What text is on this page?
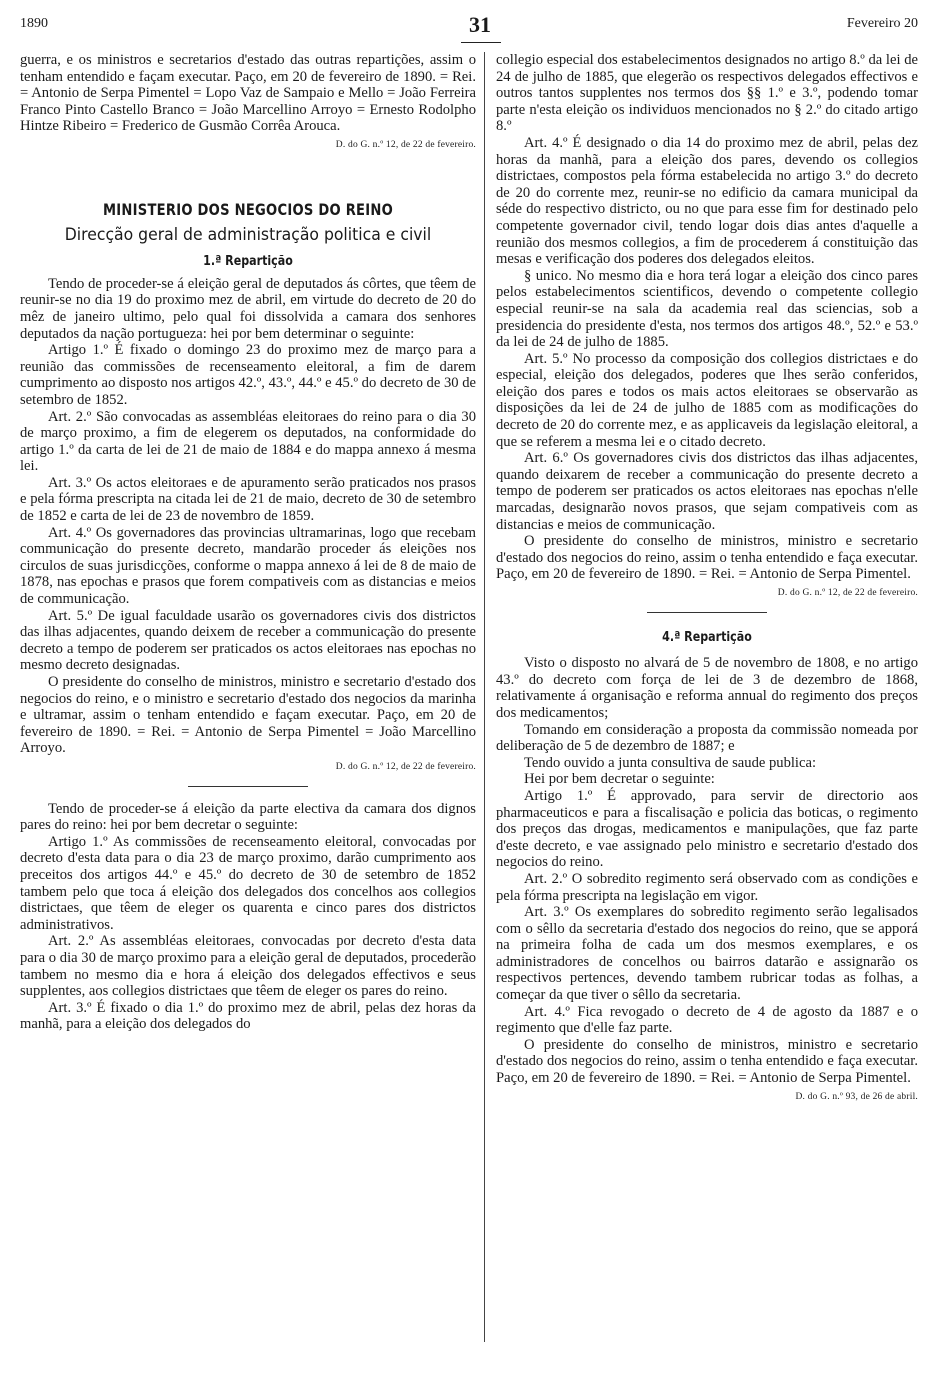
1890	31	Fevereiro 20

guerra, e os ministros e secretarios d'estado das outras repartições, assim o tenham entendido e façam executar. Paço, em 20 de fevereiro de 1890. = Rei. = Antonio de Serpa Pimentel = Lopo Vaz de Sampaio e Mello = João Ferreira Franco Pinto Castello Branco = João Marcellino Arroyo = Ernesto Rodolpho Hintze Ribeiro = Frederico de Gusmão Corrêa Arouca.

D. do G. n.º 12, de 22 de fevereiro.

MINISTERIO DOS NEGOCIOS DO REINO

Direcção geral de administração politica e civil

1.ª Repartição

Tendo de proceder-se á eleição geral de deputados ás côrtes, que têem de reunir-se no dia 19 do proximo mez de abril, em virtude do decreto de 20 do mêz de janeiro ultimo, pelo qual foi dissolvida a camara dos senhores deputados da nação portugueza: hei por bem determinar o seguinte:

Artigo 1.º É fixado o domingo 23 do proximo mez de março para a reunião das commissões de recenseamento eleitoral, a fim de darem cumprimento ao disposto nos artigos 42.º, 43.º, 44.º e 45.º do decreto de 30 de setembro de 1852.

Art. 2.º São convocadas as assembléas eleitoraes do reino para o dia 30 de março proximo, a fim de elegerem os deputados, na conformidade do artigo 1.º da carta de lei de 21 de maio de 1884 e do mappa annexo á mesma lei.

Art. 3.º Os actos eleitoraes e de apuramento serão praticados nos prasos e pela fórma prescripta na citada lei de 21 de maio, decreto de 30 de setembro de 1852 e carta de lei de 23 de novembro de 1859.

Art. 4.º Os governadores das provincias ultramarinas, logo que recebam communicação do presente decreto, mandarão proceder ás eleições nos circulos de suas jurisdicções, conforme o mappa annexo á lei de 8 de maio de 1878, nas epochas e prasos que forem compativeis com as distancias e meios de communicação.

Art. 5.º De igual faculdade usarão os governadores civis dos districtos das ilhas adjacentes, quando deixem de receber a communicação do presente decreto a tempo de poderem ser praticados os actos eleitoraes nas epochas no mesmo decreto designadas.

O presidente do conselho de ministros, ministro e secretario d'estado dos negocios do reino, e o ministro e secretario d'estado dos negocios da marinha e ultramar, assim o tenham entendido e façam executar. Paço, em 20 de fevereiro de 1890. = Rei. = Antonio de Serpa Pimentel = João Marcellino Arroyo.

D. do G. n.º 12, de 22 de fevereiro.

Tendo de proceder-se á eleição da parte electiva da camara dos dignos pares do reino: hei por bem decretar o seguinte:

Artigo 1.º As commissões de recenseamento eleitoral, convocadas por decreto d'esta data para o dia 23 de março proximo, darão cumprimento aos preceitos dos artigos 44.º e 45.º do decreto de 30 de setembro de 1852 tambem pelo que toca á eleição dos delegados dos concelhos aos collegios districtaes, que têem de eleger os quarenta e cinco pares dos districtos administrativos.

Art. 2.º As assembléas eleitoraes, convocadas por decreto d'esta data para o dia 30 de março proximo para a eleição geral de deputados, procederão tambem no mesmo dia e hora á eleição dos delegados effectivos e seus supplentes, aos collegios districtaes que têem de eleger os pares do reino.

Art. 3.º É fixado o dia 1.º do proximo mez de abril, pelas dez horas da manhã, para a eleição dos delegados do

collegio especial dos estabelecimentos designados no artigo 8.º da lei de 24 de julho de 1885, que elegerão os respectivos delegados effectivos e outros tantos supplentes nos termos dos §§ 1.º e 3.º, podendo tomar parte n'esta eleição os individuos mencionados no § 2.º do citado artigo 8.º

Art. 4.º É designado o dia 14 do proximo mez de abril, pelas dez horas da manhã, para a eleição dos pares, devendo os collegios districtaes, compostos pela fórma estabelecida no artigo 3.º do decreto de 20 do corrente mez, reunir-se no edificio da camara municipal da séde do respectivo districto, ou no que para esse fim for destinado pelo competente governador civil, tendo logar dois dias antes d'aquelle a reunião dos mesmos collegios, a fim de procederem á constituição das mesas e verificação dos poderes dos delegados eleitos.

§ unico. No mesmo dia e hora terá logar a eleição dos cinco pares pelos estabelecimentos scientificos, devendo o competente collegio especial reunir-se na sala da academia real das sciencias, sob a presidencia do presidente d'esta, nos termos dos artigos 48.º, 52.º e 53.º da lei de 24 de julho de 1885.

Art. 5.º No processo da composição dos collegios districtaes e do especial, eleição dos delegados, poderes que lhes serão conferidos, eleição dos pares e todos os mais actos eleitoraes se observarão as disposições da lei de 24 de julho de 1885 com as modificações do decreto de 20 do corrente mez, e as applicaveis da legislação eleitoral, a que se referem a mesma lei e o citado decreto.

Art. 6.º Os governadores civis dos districtos das ilhas adjacentes, quando deixarem de receber a communicação do presente decreto a tempo de poderem ser praticados os actos eleitoraes nas epochas n'elle marcadas, designarão novos prasos, que sejam compativeis com as distancias e meios de communicação.

O presidente do conselho de ministros, ministro e secretario d'estado dos negocios do reino, assim o tenha entendido e faça executar. Paço, em 20 de fevereiro de 1890. = Rei. = Antonio de Serpa Pimentel.

D. do G. n.º 12, de 22 de fevereiro.

4.ª Repartição

Visto o disposto no alvará de 5 de novembro de 1808, e no artigo 43.º do decreto com força de lei de 3 de dezembro de 1868, relativamente á organisação e reforma annual do regimento dos preços dos medicamentos;

Tomando em consideração a proposta da commissão nomeada por deliberação de 5 de dezembro de 1887; e

Tendo ouvido a junta consultiva de saude publica:

Hei por bem decretar o seguinte:

Artigo 1.º É approvado, para servir de directorio aos pharmaceuticos e para a fiscalisação e policia das boticas, o regimento dos preços das drogas, medicamentos e manipulações, que faz parte d'este decreto, e vae assignado pelo ministro e secretario d'estado dos negocios do reino.

Art. 2.º O sobredito regimento será observado com as condições e pela fórma prescripta na legislação em vigor.

Art. 3.º Os exemplares do sobredito regimento serão legalisados com o sêllo da secretaria d'estado dos negocios do reino, que se apporá na primeira folha de cada um dos mesmos exemplares, e os administradores de concelhos ou bairros datarão e assignarão os respectivos pertences, devendo tambem rubricar todas as folhas, a começar da que tiver o sêllo da secretaria.

Art. 4.º Fica revogado o decreto de 4 de agosto da 1887 e o regimento que d'elle faz parte.

O presidente do conselho de ministros, ministro e secretario d'estado dos negocios do reino, assim o tenha entendido e faça executar. Paço, em 20 de fevereiro de 1890. = Rei. = Antonio de Serpa Pimentel.

D. do G. n.º 93, de 26 de abril.
